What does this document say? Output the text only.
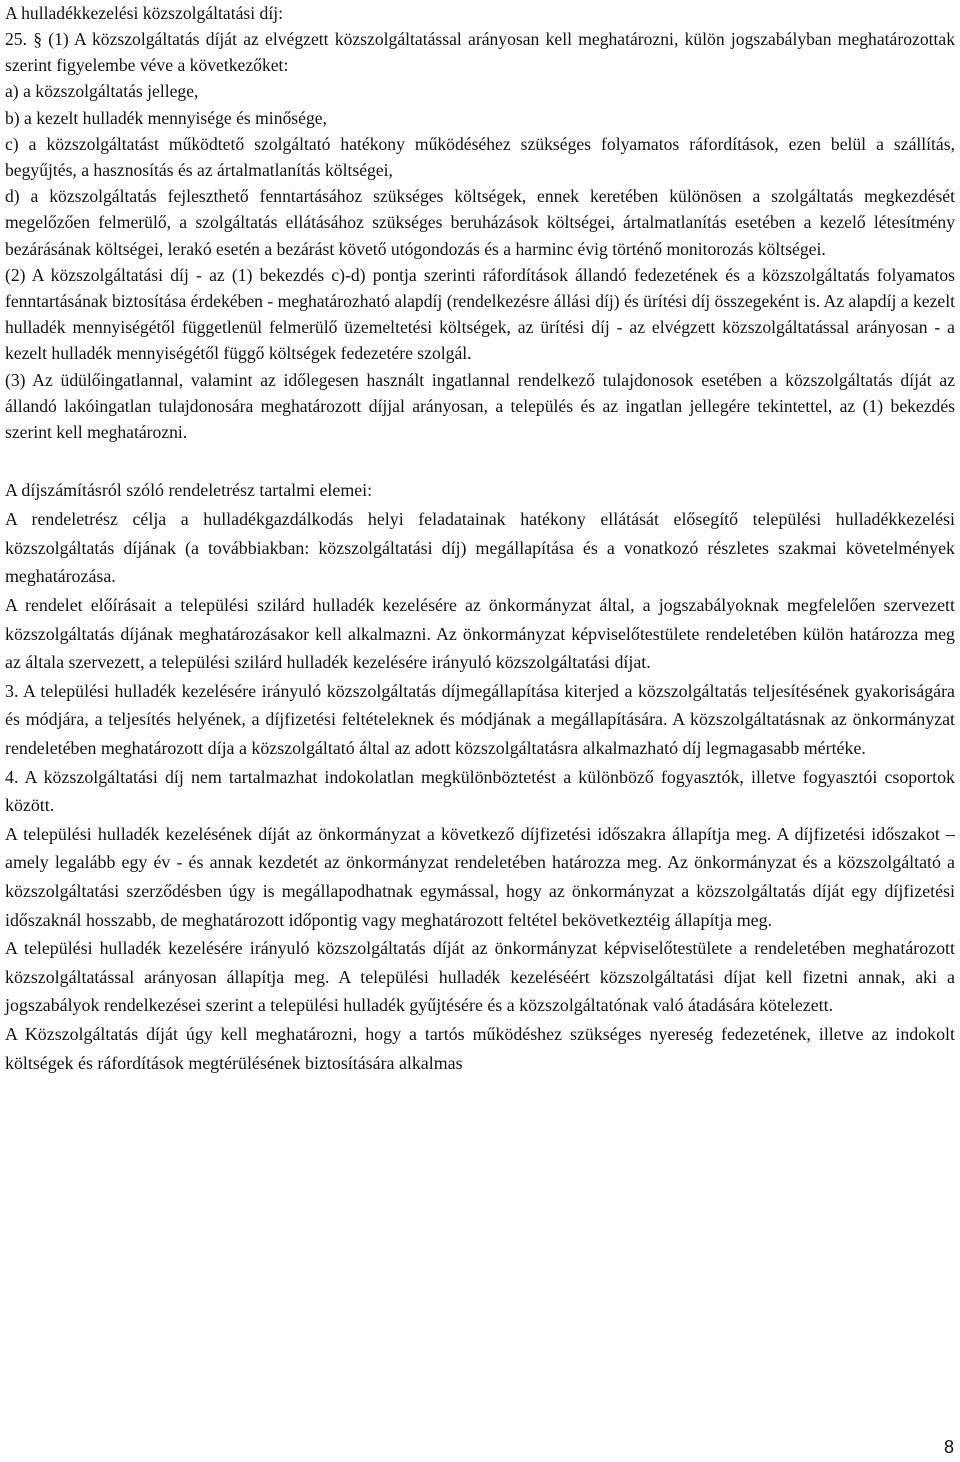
A hulladékkezelési közszolgáltatási díj:

25. § (1) A közszolgáltatás díját az elvégzett közszolgáltatással arányosan kell meghatározni, külön jogszabályban meghatározottak szerint figyelembe véve a következőket:

a) a közszolgáltatás jellege,

b) a kezelt hulladék mennyisége és minősége,

c) a közszolgáltatást működtető szolgáltató hatékony működéséhez szükséges folyamatos ráfordítások, ezen belül a szállítás, begyűjtés, a hasznosítás és az ártalmatlanítás költségei,

d) a közszolgáltatás fejleszthető fenntartásához szükséges költségek, ennek keretében különösen a szolgáltatás megkezdését megelőzően felmerülő, a szolgáltatás ellátásához szükséges beruházások költségei, ártalmatlanítás esetében a kezelő létesítmény bezárásának költségei, lerakó esetén a bezárást követő utógondozás és a harminc évig történő monitorozás költségei.

(2) A közszolgáltatási díj - az (1) bekezdés c)-d) pontja szerinti ráfordítások állandó fedezetének és a közszolgáltatás folyamatos fenntartásának biztosítása érdekében - meghatározható alapdíj (rendelkezésre állási díj) és ürítési díj összegeként is. Az alapdíj a kezelt hulladék mennyiségétől függetlenül felmerülő üzemeltetési költségek, az ürítési díj - az elvégzett közszolgáltatással arányosan - a kezelt hulladék mennyiségétől függő költségek fedezetére szolgál.

(3) Az üdülőingatlannal, valamint az időlegesen használt ingatlannal rendelkező tulajdonosok esetében a közszolgáltatás díját az állandó lakóingatlan tulajdonosára meghatározott díjjal arányosan, a település és az ingatlan jellegére tekintettel, az (1) bekezdés szerint kell meghatározni.

A díjszámításról szóló rendeletrész tartalmi elemei:

A rendeletrész célja a hulladékgazdálkodás helyi feladatainak hatékony ellátását elősegítő települési hulladékkezelési közszolgáltatás díjának (a továbbiakban: közszolgáltatási díj) megállapítása és a vonatkozó részletes szakmai követelmények meghatározása.

A rendelet előírásait a települési szilárd hulladék kezelésére az önkormányzat által, a jogszabályoknak megfelelően szervezett közszolgáltatás díjának meghatározásakor kell alkalmazni. Az önkormányzat képviselőtestülete rendeletében külön határozza meg az általa szervezett, a települési szilárd hulladék kezelésére irányuló közszolgáltatási díjat.

3. A települési hulladék kezelésére irányuló közszolgáltatás díjmegállapítása kiterjed a közszolgáltatás teljesítésének gyakoriságára és módjára, a teljesítés helyének, a díjfizetési feltételeknek és módjának a megállapítására. A közszolgáltatásnak az önkormányzat rendeletében meghatározott díja a közszolgáltató által az adott közszolgáltatásra alkalmazható díj legmagasabb mértéke.

4. A közszolgáltatási díj nem tartalmazhat indokolatlan megkülönböztetést a különböző fogyasztók, illetve fogyasztói csoportok között.

A települési hulladék kezelésének díját az önkormányzat a következő díjfizetési időszakra állapítja meg. A díjfizetési időszakot – amely legalább egy év - és annak kezdetét az önkormányzat rendeletében határozza meg. Az önkormányzat és a közszolgáltató a közszolgáltatási szerződésben úgy is megállapodhatnak egymással, hogy az önkormányzat a közszolgáltatás díját egy díjfizetési időszaknál hosszabb, de meghatározott időpontig vagy meghatározott feltétel bekövetkeztéig állapítja meg.

A települési hulladék kezelésére irányuló közszolgáltatás díját az önkormányzat képviselőtestülete a rendeletében meghatározott közszolgáltatással arányosan állapítja meg. A települési hulladék kezeléséért közszolgáltatási díjat kell fizetni annak, aki a jogszabályok rendelkezései szerint a települési hulladék gyűjtésére és a közszolgáltatónak való átadására kötelezett.

A Közszolgáltatás díját úgy kell meghatározni, hogy a tartós működéshez szükséges nyereség fedezetének, illetve az indokolt költségek és ráfordítások megtérülésének biztosítására alkalmas

8
